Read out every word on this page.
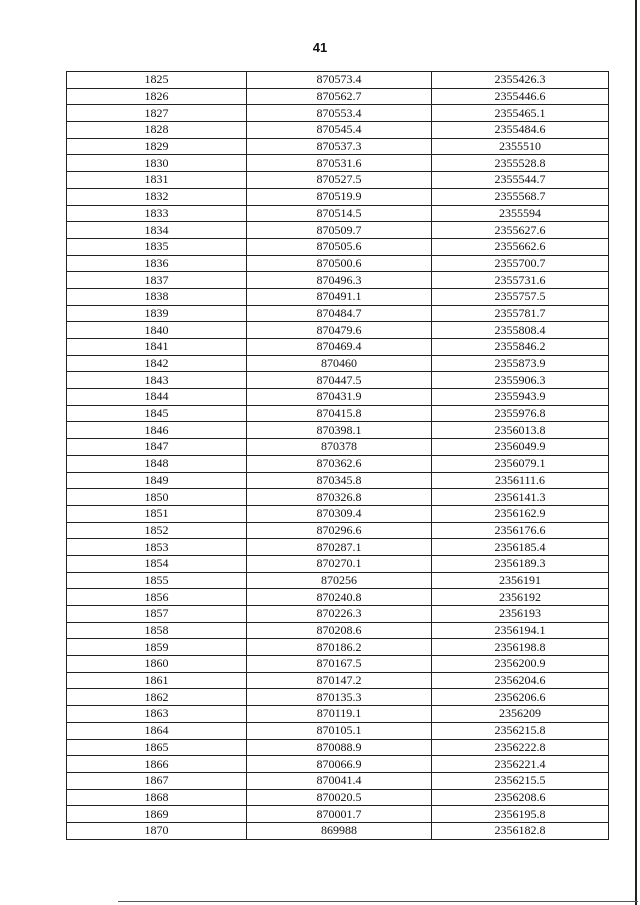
41
1825	870573.4	2355426.3
1826	870562.7	2355446.6
1827	870553.4	2355465.1
1828	870545.4	2355484.6
1829	870537.3	2355510
1830	870531.6	2355528.8
1831	870527.5	2355544.7
1832	870519.9	2355568.7
1833	870514.5	2355594
1834	870509.7	2355627.6
1835	870505.6	2355662.6
1836	870500.6	2355700.7
1837	870496.3	2355731.6
1838	870491.1	2355757.5
1839	870484.7	2355781.7
1840	870479.6	2355808.4
1841	870469.4	2355846.2
1842	870460	2355873.9
1843	870447.5	2355906.3
1844	870431.9	2355943.9
1845	870415.8	2355976.8
1846	870398.1	2356013.8
1847	870378	2356049.9
1848	870362.6	2356079.1
1849	870345.8	2356111.6
1850	870326.8	2356141.3
1851	870309.4	2356162.9
1852	870296.6	2356176.6
1853	870287.1	2356185.4
1854	870270.1	2356189.3
1855	870256	2356191
1856	870240.8	2356192
1857	870226.3	2356193
1858	870208.6	2356194.1
1859	870186.2	2356198.8
1860	870167.5	2356200.9
1861	870147.2	2356204.6
1862	870135.3	2356206.6
1863	870119.1	2356209
1864	870105.1	2356215.8
1865	870088.9	2356222.8
1866	870066.9	2356221.4
1867	870041.4	2356215.5
1868	870020.5	2356208.6
1869	870001.7	2356195.8
1870	869988	2356182.8
